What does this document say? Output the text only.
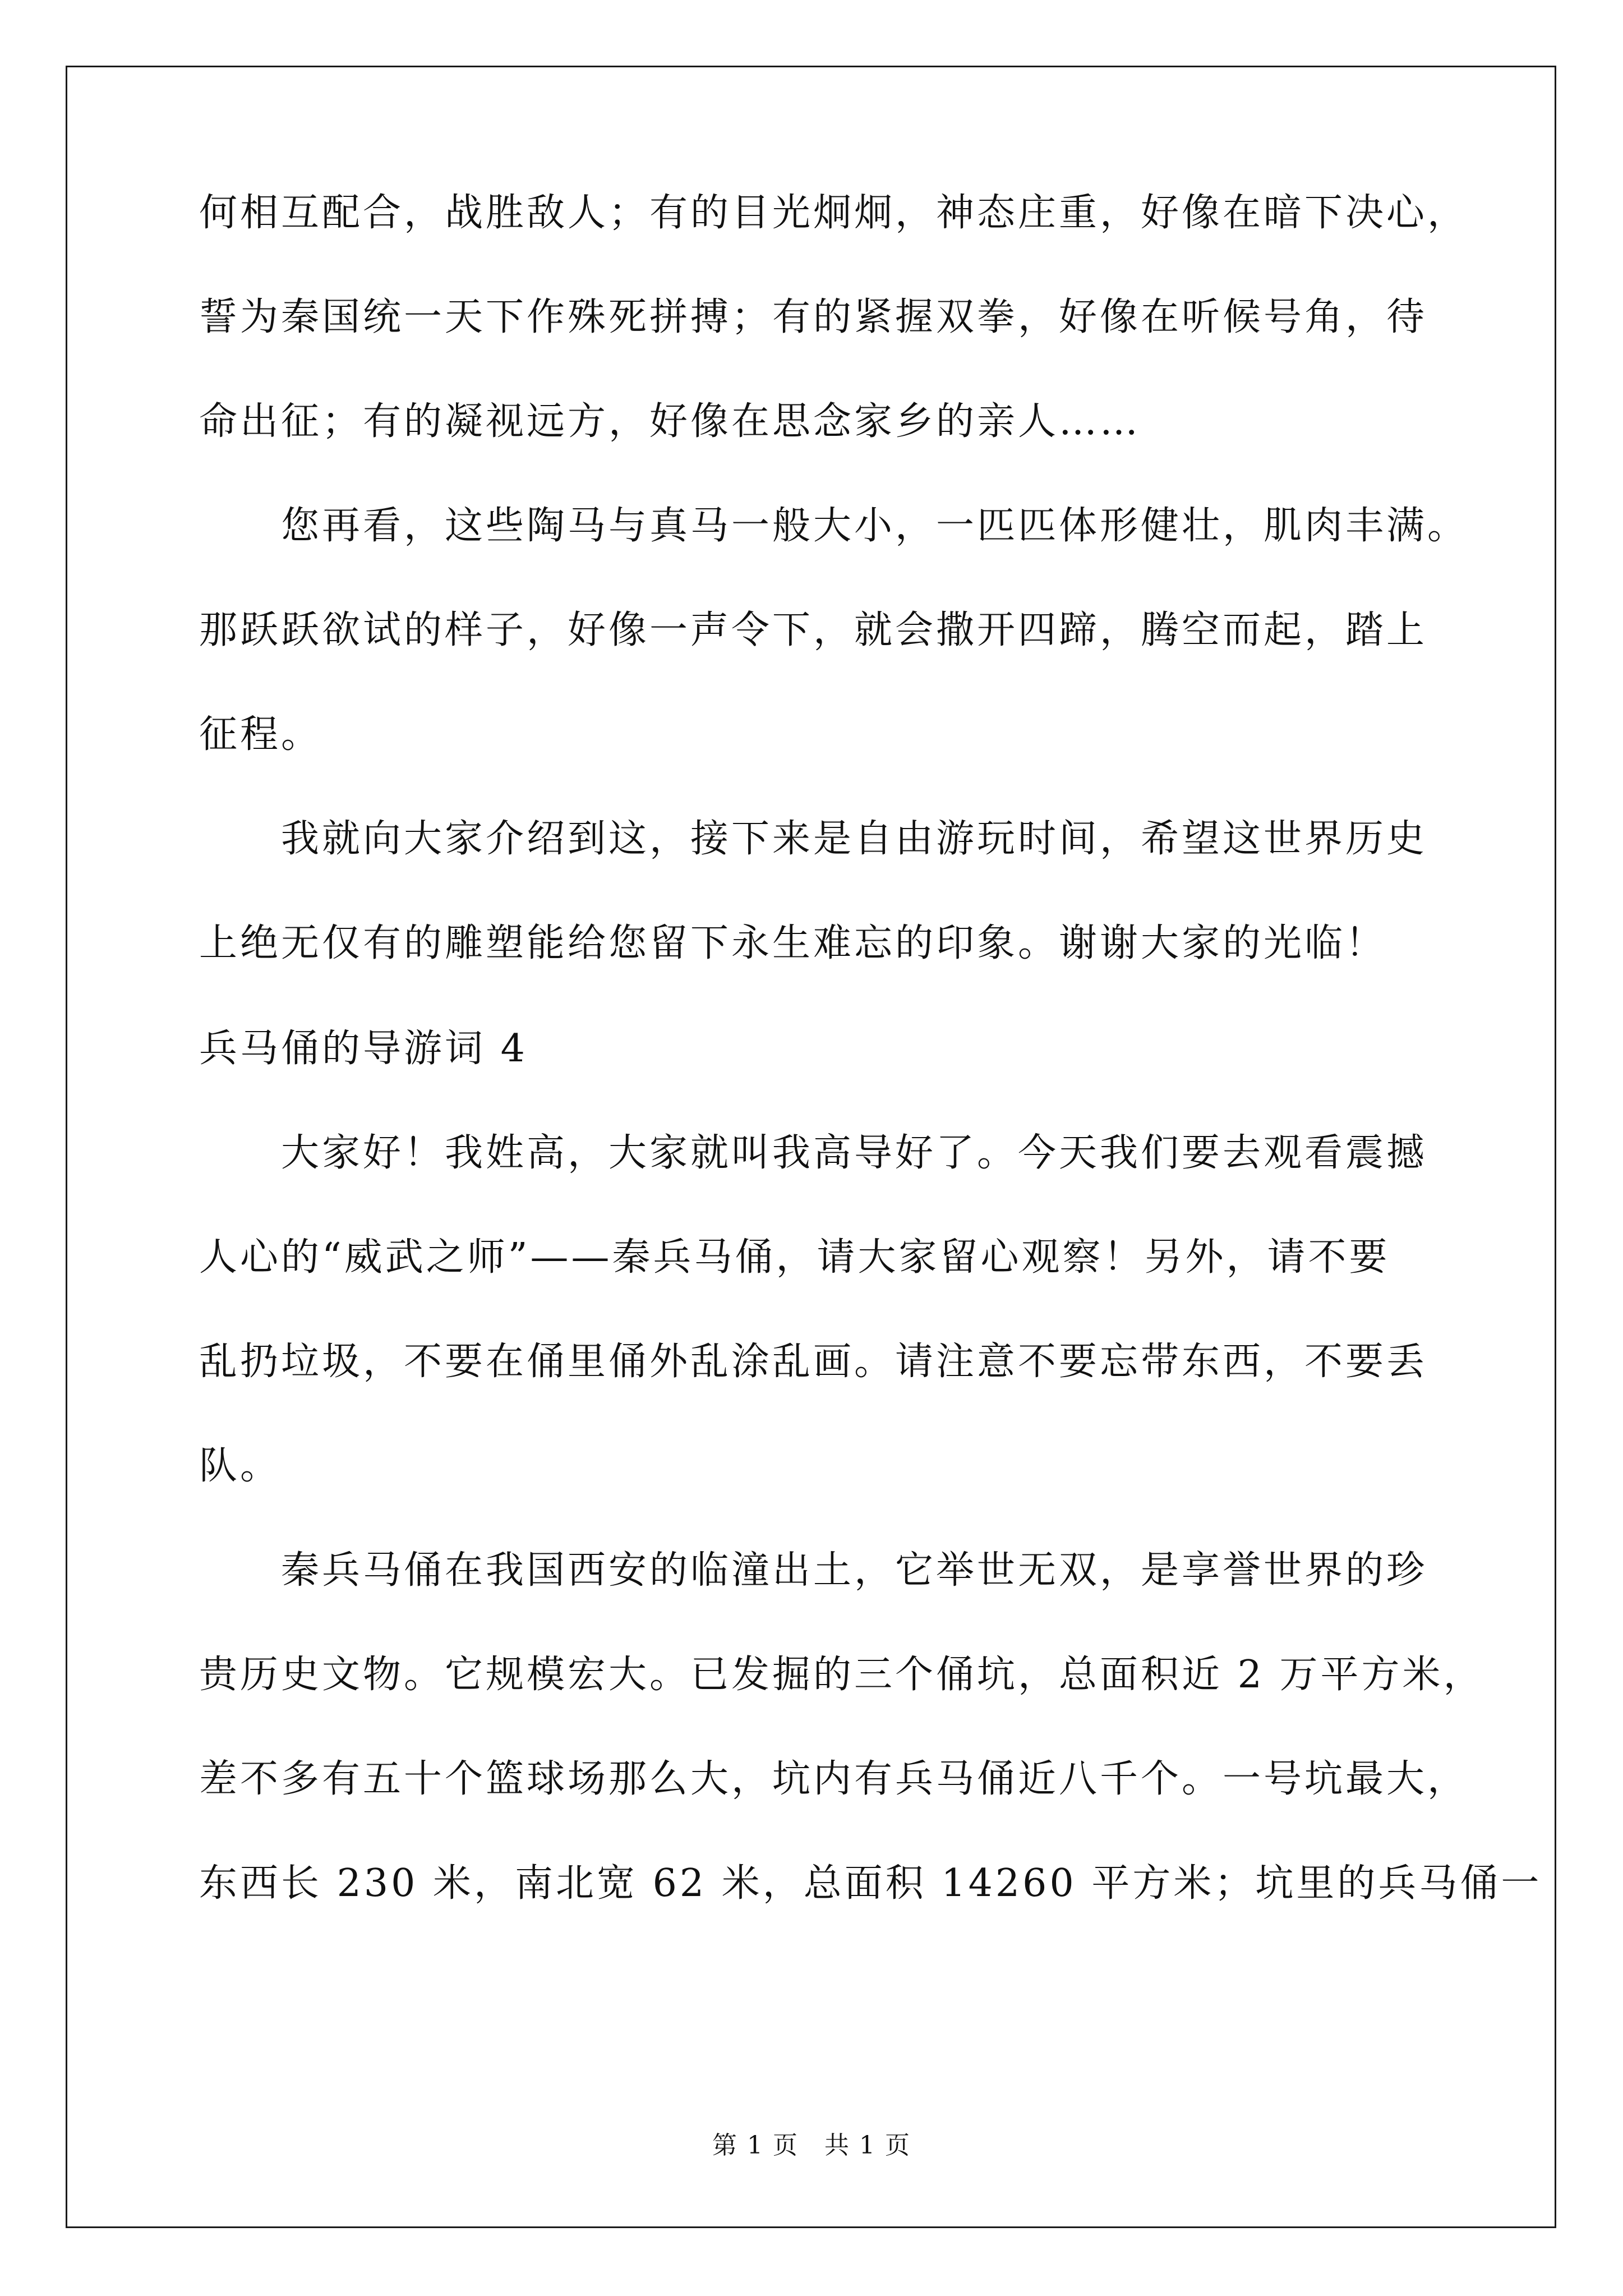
何相互配合，战胜敌人；有的目光炯炯，神态庄重，好像在暗下决心，
誓为秦国统一天下作殊死拼搏；有的紧握双拳，好像在听候号角，待
命出征；有的凝视远方，好像在思念家乡的亲人……
您再看，这些陶马与真马一般大小，一匹匹体形健壮，肌肉丰满。
那跃跃欲试的样子，好像一声令下，就会撒开四蹄，腾空而起，踏上
征程。
我就向大家介绍到这，接下来是自由游玩时间，希望这世界历史
上绝无仅有的雕塑能给您留下永生难忘的印象。谢谢大家的光临！
兵马俑的导游词 4
大家好！我姓高，大家就叫我高导好了。今天我们要去观看震撼
人心的“威武之师”——秦兵马俑，请大家留心观察！另外，请不要
乱扔垃圾，不要在俑里俑外乱涂乱画。请注意不要忘带东西，不要丢
队。
秦兵马俑在我国西安的临潼出土，它举世无双，是享誉世界的珍
贵历史文物。它规模宏大。已发掘的三个俑坑，总面积近 2 万平方米，
差不多有五十个篮球场那么大，坑内有兵马俑近八千个。一号坑最大，
东西长 230 米，南北宽 62 米，总面积 14260 平方米；坑里的兵马俑一
第 1 页　共 1 页
